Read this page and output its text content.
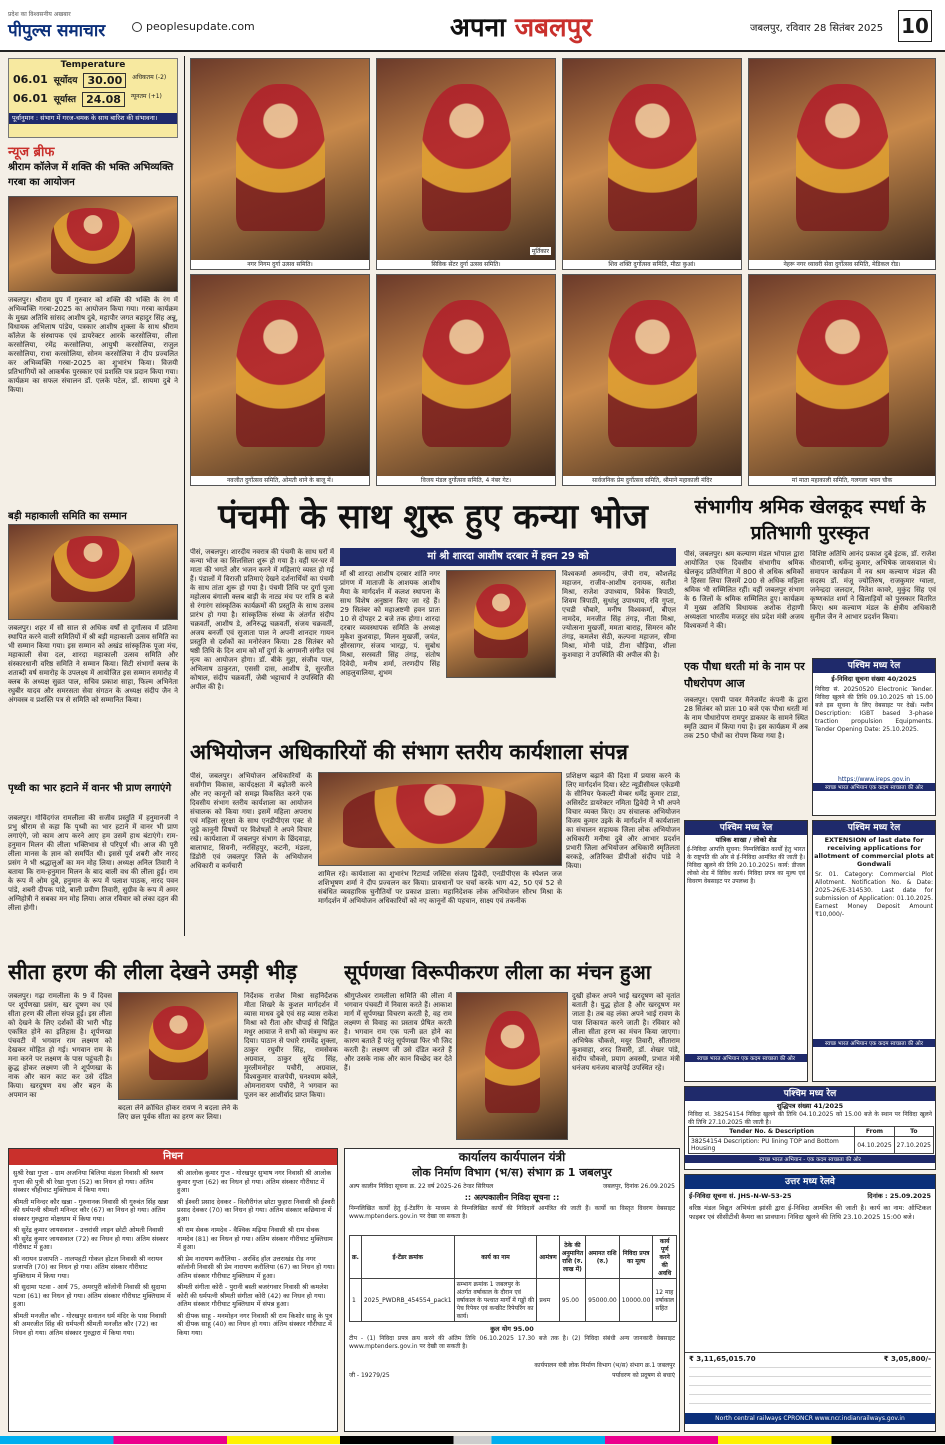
प्रदेश का विश्वसनीय अखबार
पीपुल्स समाचार	peoplesupdate.com	अपना जबलपुर	जबलपुर, रविवार 28 सितंबर 2025 10
Temperature
06.01 सूर्योदय 30.00	अधिकतम (-2)
06.01 सूर्यास्त 24.08	न्यूनतम (+1)
पूर्वानुमान : संभाग में गरज-चमक के साथ बारिश की संभावना।
न्यूज ब्रीफ
श्रीराम कॉलेज में शक्ति की भक्ति अभिव्यक्ति गरबा का आयोजन
जबलपुर। श्रीराम ग्रुप में गुरुवार को शक्ति की भक्ति के रंग में अभिव्यक्ति गरबा-2025 का आयोजन किया गया। गरबा कार्यक्रम के मुख्य अतिथि सांसद आशीष दुबे, महापौर जगत बहादुर सिंह अन्नू, विधायक अभिलाष पांडेय, पत्रकार आशीष शुक्ला के साथ श्रीराम कॉलेज के संस्थापक एवं डायरेक्टर आरके करसोलिया, लीला करसोलिया, रमेंद्र करसोलिया, आयुषी करसोलिया, राजुल करसोलिया, राधा करसोलिया, सोनम करसोलिया ने दीप प्रज्वलित कर अभिव्यक्ति गरबा-2025 का शुभारंभ किया। विजयी प्रतिभागियों को आकर्षक पुरस्कार एवं प्रशस्ति पत्र प्रदान किया गया। कार्यक्रम का सफल संचालन डॉ. एलके पटेल, डॉ. सायमा दुबे ने किया।
बड़ी महाकाली समिति का सम्मान
जबलपुर। शहर में सौ साल से अधिक वर्षों से दुर्गोत्सव में प्रतिमा स्थापित करने वाली समितियों में श्री बड़ी महाकाली उत्सव समिति का भी सम्मान किया गया। इस सम्मान को अखंड सांस्कृतिक पूजा मंच, महाकाली सेवा दल, शारदा महाकाली उत्सव समिति और संस्कारधानी वरिष्ठ समिति ने सम्मान किया। सिटी संभागों क्लब के शताब्दी वर्ष समारोह के उपलक्ष्य में आयोजित इस सम्मान समारोह में क्लब के अध्यक्ष सुव्रत पाल, सचिव प्रकाश साहा, फिल्म अभिनेता रघुबीर यादव और समरसता सेवा संगठन के अध्यक्ष संदीप जैन ने अंगवस्त्र व प्रशस्ति पत्र से समिति को सम्मानित किया।
पृथ्वी का भार हटाने में वानर भी प्राण लगाएंगे
जबलपुर। गोविंदगंज रामलीला की सजीव प्रस्तुति में हनुमानजी ने प्रभु श्रीराम से कहा कि पृथ्वी का भार हटाने में वानर भी प्राण लगाएंगे, जो काम आप करने आए हम उसमें हाथ बंटाएंगे। राम-हनुमान मिलन की लीला भक्तिभाव से परिपूर्ण थी। आज की पूरी लीला मानस के ज्ञान को समर्पित थी। इससे पूर्व शबरी और नारद प्रसंग ने भी श्रद्धालुओं का मन मोह लिया। अध्यक्ष अनिल तिवारी ने बताया कि राम-हनुमान मिलन के बाद बाली वध की लीला हुई। राम के रूप में ओम दुबे, हनुमान के रूप में पलाश पाठक, नारद पवन पांडे, शबरी दीपक पांडे, बाली प्रवीण तिवारी, सुग्रीव के रूप में अमर अग्निहोत्री ने सबका मन मोह लिया। आज रविवार को लंका दहन की लीला होगी।
नगर निगम दुर्गा उत्सव समिति।
मूर्तिकार
सिविक सेंटर दुर्गा उत्सव समिति।	शिव शक्ति दुर्गोत्सव समिति, मीठा कुआं।	नेहरू नगर ध्यावरी सेवा दुर्गोत्सव समिति, मेडिकल रोड।
नवजीत दुर्गोत्सव समिति, ओमती थाने के बाजू में।	विजय मंडल दुर्गोत्सव समिति, 4 नंबर गेट।	सार्वजनिक प्रेम दुर्गोत्सव समिति, श्रीमाने महाकाली मंदिर	मां माता महाकाली समिति, गलगला भवन चौक
पंचमी के साथ शुरू हुए कन्या भोज
पीसं, जबलपुर। शारदीय नवरात्र की पंचमी के साथ घरों में कन्या भोज का सिलसिला शुरू हो गया है। वहीं घर-घर में माता की भगतें और भजन करने में महिलाएं व्यस्त हो गई हैं। पंडालों में विराजी प्रतिमाएं देखने दर्शनार्थियों का पंचमी के साथ तांता शुरू हो गया है। पंचमी तिथि पर दुर्गा पूजा महोत्सव बंगाली क्लब बाड़ी के नाट्य मंच पर रात्रि 8 बजे से रंगारंग सांस्कृतिक कार्यक्रमों की प्रस्तुति के साथ उत्सव प्रारंभ हो गया है। सांस्कृतिक संध्या के अंतर्गत संदीप चक्रवर्ती, आशीष डे, अनिरुद्ध चक्रवर्ती, संजय चक्रवर्ती, अजय बनर्जी एवं सुजाता पाल ने अपनी शानदार गायन प्रस्तुति से दर्शकों का मनोरंजन किया। 28 सितंबर को षष्ठी तिथि के दिन शाम को माँ दुर्गा के आगमनी संगीत एवं नृत्य का आयोजन होगा। डॉ. बीके गुहा, संजीव पाल, अभिलाष ठाकुरता, एससी दास, आशीष डे, सुरजीत कोषाल, संदीप चक्रवर्ती, जेबी भट्टाचार्य ने उपस्थिति की अपील की है।
मां श्री शारदा आशीष दरबार में हवन 29 को
माँ श्री शारदा आशीष दरबार शांति नगर प्रांगण में माताजी के आशयक आशीष मैया के मार्गदर्शन में कलश स्थापना के साथ विशेष अनुष्ठान किए जा रहे हैं। 29 सितंबर को महाअष्टमी हवन प्रातः 10 से दोपहर 2 बजे तक होगा। शारदा दरबार व्यवस्थापक समिति के अध्यक्ष मुकेश कुशवाहा, मिलन मुखर्जी, जयंत, क्षीरसागर, संजय भारद्वा, पं. सुबोध मिश्रा, सरस्वती सिंह तंगड़, संतोष दिवेदी, मनीष शर्मा, तरणदीप सिंह आहलुवालिया, शुभम
विश्वकर्मा अमनदीप, जेपी राय, कौशलेंद्र महाजन, राजीव-आशीष दनायक, सतीश मिश्रा, राजेश उपाध्याय, विवेक त्रिपाठी, शिवम त्रिपाठी, सुधांशु उपाध्याय, रवि गुप्ता, एचडी चौबारे, मनीष विश्वकर्मा, बीएल नामदेव, मनजीत सिंह तंगड़, नीता मिश्रा, ज्योत्सना मुखर्जी, ममता बाराह, सिमरन कौर तंगड़, कमलेश सेठी, कल्पना महाजन, सीमा मिश्रा, मोनी पांडे, टीना चौड़िया, शीला कुशवाहा ने उपस्थिति की अपील की है।
संभागीय श्रमिक खेलकूद स्पर्धा के प्रतिभागी पुरस्कृत
पीसं, जबलपुर। श्रम कल्याण मंडल भोपाल द्वारा आयोजित एक दिवसीय संभागीय श्रमिक खेलकूद प्रतियोगिता में 800 से अधिक श्रमिकों ने हिस्सा लिया जिसमें 200 से अधिक महिला श्रमिक भी सम्मिलित रहीं। यहीं जबलपुर संभाग के 6 जिलों के श्रमिक सम्मिलित हुए। कार्यक्रम में मुख्य अतिथि विधायक अशोक रोहाणी अध्यक्षता भारतीय मजदूर संघ प्रदेश मंत्री अजय विश्वकर्मा ने की।
विशिष्ट अतिथि आनंद प्रकाश दुबे इंटक, डॉ. राजेश धीरावाणी, धर्मेन्द्र कुमार, अभिषेक जायसवाल थे। समापन कार्यक्रम में नव श्रम कल्याण मंडल की सदस्य डॉ. मंजू ज्योतिरुष, राजकुमार ग्वाला, जनेन्द्रदा जलदार, नितेश कावरे, मुकुंद सिंह एवं कृष्णकांत शर्मा ने खिलाड़ियों को पुरस्कार वितरित किए। श्रम कल्याण मंडल के क्षेत्रीय अधिकारी सुनील जैन ने आभार प्रदर्शन किया।
एक पौधा धरती मां के नाम पर पौधरोपण आज
जबलपुर। एसपी पावर मैनेजमेंट कंपनी के द्वारा 28 सितंबर को प्रातः 10 बजे एक पौधा धरती मां के नाम पौधारोपण रामपुर डाकघर के सामने स्थित स्मृति उद्यान में किया गया है। इस कार्यक्रम में अब तक 250 पौधों का रोपण किया गया है।
पश्चिम मध्य रेल
ई-निविदा सूचना संख्या 40/2025
निविदा सं. 20250520 Electronic Tender. निविदा खुलने की तिथि 09.10.2025 को 15.00 बजे इस सूचना के लिए वेबसाइट पर देखें। मशीन Description: IGBT based 3-phase traction propulsion Equipments. Tender Opening Date: 25.10.2025.
https://www.ireps.gov.in
स्वच्छ भारत अभियान एक कदम स्वच्छता की ओर
अभियोजन अधिकारियों की संभाग स्तरीय कार्यशाला संपन्न
पीसं, जबलपुर। अभियोजन अधिकारियों के सर्वांगीण विकास, कार्यदक्षता में बढ़ोतरी करने और नए कानूनों को समझ विकसित करने एक दिवसीय संभाग स्तरीय कार्यशाला का आयोजन संचालक को किया गया। इसमें महिला अपराध एवं महिला सुरक्षा के साथ एनडीपीएस एक्ट से जुड़े कानूनी विषयों पर विशेषज्ञों ने अपने विचार रखे। कार्यशाला में जबलपुर संभाग के छिंदवाड़ा, बालाघाट, सिवनी, नरसिंहपुर, कटनी, मंडला, डिंडोरी एवं जबलपुर जिले के अभियोजन अधिकारी व कर्मचारी
शामिल रहे। कार्यशाला का शुभारंभ रिटायर्ड जस्टिस संजय द्विवेदी, एनडीपीएस के स्पेशल जज शशिभूषण शर्मा ने दीप प्रज्वलन कर किया। प्रावधानों पर चर्चा करके भाग 42, 50 एवं 52 से संबंधित व्यवहारिक चुनौतियों पर प्रकाश डाला। महानिदेशक लोक अभियोजन सौरभ मिश्रा के मार्गदर्शन में अभियोजन अधिकारियों को नए कानूनों की पहचान, साक्ष्य एवं तकनीक
प्रशिक्षण बढ़ाने की दिशा में प्रयास करने के लिए मार्गदर्शन दिया। स्टेट न्यूडीसीयल एकेडमी के सीनियर फेकल्टी मेम्बर धर्मेंद्र कुमार टाडा, असिस्टेंट डायरेक्टर नमिता द्विवेदी ने भी अपने विचार व्यक्त किए। उप संचालक अभियोजन विजय कुमार उइके के मार्गदर्शन में कार्यशाला का संचालन सहायक जिला लोक अभियोजन अधिकारी मनीषा दुबे और आभार प्रदर्शन प्रभारी जिला अभियोजन अधिकारी स्मृतिलता बरकड़े, अतिरिक्त डीपीओ संदीप पांडे ने किया।
पश्चिम मध्य रेल
यांत्रिक शाखा / लोको शेड
ई-निविदा आपत्ति सूचना: निम्नलिखित कार्यों हेतु भारत के राष्ट्रपति की ओर से ई-निविदा आमंत्रित की जाती है। निविदा खुलने की तिथि 20.10.2025। कार्य: डीजल लोको शेड में विविध कार्य। निविदा प्रपत्र का मूल्य एवं विवरण वेबसाइट पर उपलब्ध है।
स्वच्छ भारत अभियान एक कदम स्वच्छता की ओर
पश्चिम मध्य रेल
EXTENSION of last date for receiving applications for allotment of commercial plots at Gondwali
Sr. 01. Category: Commercial Plot Allotment. Notification No. & Date: 2025-26/E-314530. Last date for submission of Application: 01.10.2025. Earnest Money Deposit Amount ₹10,000/-
स्वच्छ भारत अभियान एक कदम स्वच्छता की ओर
सीता हरण की लीला देखने उमड़ी भीड़
जबलपुर। गढ़ा रामलीला के 9 वें दिवस पर शूर्पणखा प्रसंग, खर दूषण वध एवं सीता हरण की लीला संपन्न हुई। इस लीला को देखने के लिए दर्शकों की भारी भीड़ एकत्रित होने का इतिहास है। शूर्पणखा पंचवटी में भगवान राम लक्ष्मण को देखकर मोहित हो गई। भगवान राम के मना करने पर लक्ष्मण के पास पहुंचती है। क्रुद्ध होकर लक्ष्मण जी ने शूर्पणखा के नाक और कान काट कर उसे दंडित किया। खरदूषण वध और बहन के अपमान का
बदला लेने क्रोधित होकर रावण ने बदला लेने के लिए छल पूर्वक सीता का हरण कर लिया।
निर्देशक राजेश मिश्रा सहनिर्देशक मीता शिखरे के कुशल मार्गदर्शन में व्यास माधव दुबे एवं सह व्यास राकेश मिश्रा को रीता और चौपाई से चिह्नित मधुर आवाज ने सभी को मंत्रमुग्ध कर दिया। पाठान से पधारे रामवेंद्र शुक्ला, ठाकुर रघुवीर सिंह, रामसेवक अग्रवाल, ठाकुर सुरेंद्र सिंह, मुरलीमनोहर पचौरी, अग्रवाल, विश्वकुमार वाजपेयी, घनश्याम बवेले, ओमनारायण पचौरी, ने भगवान का पूजन कर आशीर्वाद प्राप्त किया।
सूर्पणखा विरूपीकरण लीला का मंचन हुआ
श्रीगुप्तेश्वर रामलीला समिति की लीला में भगवान पंचवटी में निवास करते हैं। आकाश मार्ग में सूर्पणखा विचरण करती है, वह राम लक्ष्मण से विवाह का प्रस्ताव प्रेषित करती है। भगवान राम एक पत्नी व्रत होने का कारण बताते हैं परंतु सूर्पणखा फिर भी जिद करती है। लक्ष्मण जी उसे दंडित करते हैं और उसके नाक और कान विच्छेद कर देते हैं।
दुखी होकर अपने भाई खरदूषण को वृतांत बताती है। युद्ध होता है और खरदूषण मर जाता है। तब वह लंका अपने भाई रावण के पास शिकायत करने जाती है। रविवार को लीला सीता हरण का मंचन किया जाएगा। अभिषेक चौकसे, मयूर तिवारी, सीताराम कुशवाहा, शरद तिवारी, डॉ. शेखर पांडे, संदीप चौकसे, प्रयाग अवस्थी, प्रभात मंत्री धनंजय धनंजय बाजपेई उपस्थित रहे।
निधन

सुश्री रेखा गुप्ता - ग्राम अजनिया बिलिया मंडला निवासी श्री श्रवण गुप्ता की पुत्री श्री रेखा गुप्ता (52) का निधन हो गया। अंतिम संस्कार चौहीचाट मुक्तिधाम में किया गया।

श्रीमती मनिन्दर कौर खन्ना - गुरुनानक निवासी श्री गुरुवंत सिंह खन्ना की धर्मपत्नी श्रीमती मनिन्दर कौर (67) का निधन हो गया। अंतिम संस्कार गुरुद्वारा मोक्षधाम में किया गया।

श्री सुरेंद्र कुमार जायसवाल - उत्तरांसी लाइन छोटी ओमती निवासी श्री सुरेंद्र कुमार जायसवाल (72) का निधन हो गया। अंतिम संस्कार गौरीघाट में हुआ।

श्री नरायन प्रजापति - तालपहटी गोकल होटल निवासी श्री नरायन प्रजापति (70) का निधन हो गया। अंतिम संस्कार गौरीघाट मुक्तिधाम में किया गया।

श्री सुदामा पटवा - आर्य 75, अमरपुरी कॉलोनी निवासी श्री सुदामा पटवा (61) का निधन हो गया। अंतिम संस्कार गौरीघाट मुक्तिधाम में हुआ।

श्रीमती मनजीत कौर - गोरखपुर सनातन धर्म मंदिर के पास निवासी श्री अमरजीत सिंह की धर्मपत्नी श्रीमती मनजीत कौर (72) का निधन हो गया। अंतिम संस्कार गुरुद्वारा में किया गया।

श्री आलोक कुमार गुप्त - गोरखपुर सुभाष नगर निवासी श्री आलोक कुमार गुप्ता (62) का निधन हो गया। अंतिम संस्कार गौरीघाट में हुआ।

श्री ईश्वरी प्रसाद देवकर - विलौरीगंज छोटा फुहारा निवासी श्री ईश्वरी प्रसाद देवकर (70) का निधन हो गया। अंतिम संस्कार कछियाना में हुआ।

श्री राम सेवक नामदेव - वैश्विक मढ़िया निवासी श्री राम सेवक नामदेव (81) का निधन हो गया। अंतिम संस्कार गौरीघाट मुक्तिधाम में हुआ।

श्री प्रेम नारायण करौलिया - अरविंद हॉल उत्तराखंड रोड़ नगर कॉलोनी निवासी श्री प्रेम नारायण करौलिया (67) का निधन हो गया। अंतिम संस्कार गौरीघाट मुक्तिधाम में हुआ।

श्रीमती संगीता कोरी - पुरानी बस्ती बजरंगवार निवासी श्री कमलेश कोरी की धर्मपत्नी श्रीमती संगीता कोरी (42) का निधन हो गया। अंतिम संस्कार गौरीघाट मुक्तिधाम में संपन्न हुआ।

श्री दीपक साहू - मनमोहन नगर निवासी श्री राम किशोर साहू के पुत्र श्री दीपक साहू (40) का निधन हो गया। अंतिम संस्कार गौरीघाट में किया गया।

कार्यालय कार्यपालन यंत्री
लोक निर्माण विभाग (भ/स) संभाग क्र 1 जबलपुर
अल्प कालीन निविदा सूचना क्र. 22 वर्ष 2025-26 टेन्डर सिरियल	जबलपुर, दिनांक 26.09.2025
:: अल्पकालीन निविदा सूचना ::
निम्नलिखित कार्यों हेतु ई-टेंडरिंग के माध्यम से निम्नलिखित कार्यों की निविदायें आमंत्रित की जाती हैं। कार्यों का विस्तृत विवरण वेबसाइट www.mptenders.gov.in पर देखा जा सकता है।
क्र.	ई-टेंडर क्रमांक	कार्य का नाम	आमंत्रण	ठेके की अनुमानित राशि (रु. लाख में)	अमानत राशि (रु.)	निविदा प्रपत्र का मूल्य	कार्य पूर्ण करने की अवधि
1	2025_PWDRB_454554_pack1	सम्भाग क्रमांक 1 जबलपुर के अंतर्गत वर्षाकाल के दौरान एवं वर्षाकाल के पश्चात मार्गों में गड्ढों की पेच रिपेयर एवं कन्क्रीट रिपेयरिंग का कार्य।	प्रथम	95.00	95000.00	10000.00	12 माह वर्षाकाल सहित
कुल योग 95.00
टीप - (1) निविदा प्रपत्र क्रय करने की अंतिम तिथि 06.10.2025 17.30 बजे तक है। (2) निविदा संबंधी अन्य जानकारी वेबसाइट www.mptenders.gov.in पर देखी जा सकती है।
कार्यपालन यंत्री लोक निर्माण विभाग (भ/स) संभाग क्र.1 जबलपुर
जी - 19279/25	पर्यावरण को प्रदूषण से बचाएं
पश्चिम मध्य रेल
शुद्धिपत्र संख्या 41/2025
निविदा सं. 38254154 निविदा खुलने की तिथि 04.10.2025 को 15.00 बजे के स्थान पर निविदा खुलने की तिथि 27.10.2025 की जाती है।
Tender No. & Description	From	To
38254154 Description: PU lining TOP and Bottom Housing	04.10.2025	27.10.2025
स्वच्छ भारत अभियान - एक कदम स्वच्छता की ओर
उत्तर मध्य रेलवे
ई-निविदा सूचना सं. JHS-N-W-53-25	दिनांक : 25.09.2025
वरिष्ठ मंडल विद्युत अभियंता झांसी द्वारा ई-निविदा आमंत्रित की जाती है। कार्य का नाम: ऑप्टिकल फाइबर एवं सीसीटीवी कैमरा का प्रावधान। निविदा खुलने की तिथि 23.10.2025 15:00 बजे।
₹ 3,11,65,015.70	₹ 3,05,800/-
North central railways CPRONCR www.ncr.indianrailways.gov.in
